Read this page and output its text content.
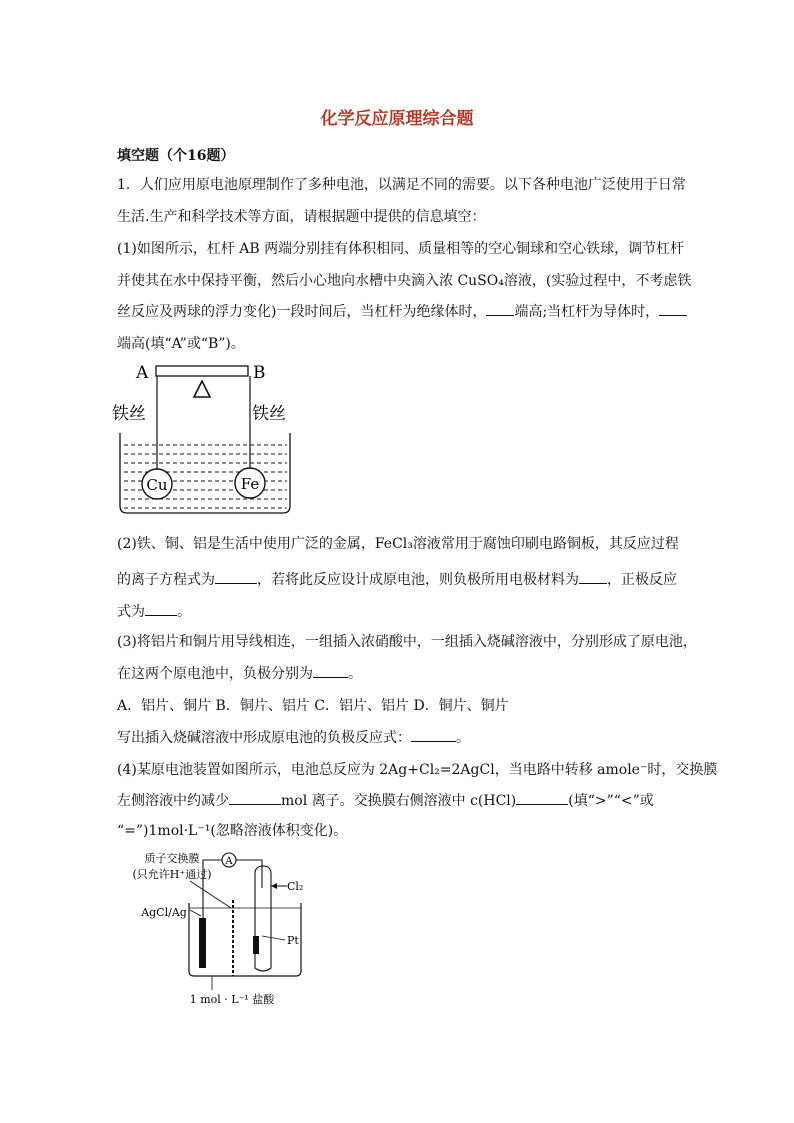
化学反应原理综合题
填空题（个16题）
1．人们应用原电池原理制作了多种电池，以满足不同的需要。以下各种电池广泛使用于日常
生活.生产和科学技术等方面，请根据题中提供的信息填空：
(1)如图所示，杠杆 AB 两端分别挂有体积相同、质量相等的空心铜球和空心铁球，调节杠杆
并使其在水中保持平衡，然后小心地向水槽中央滴入浓 CuSO₄溶液，(实验过程中，不考虑铁
丝反应及两球的浮力变化)一段时间后，当杠杆为绝缘体时， 端高;当杠杆为导体时，
端高(填“A”或“B”)。
A	B
铁丝	铁丝
Cu	Fe
(2)铁、铜、铝是生活中使用广泛的金属，FeCl₃溶液常用于腐蚀印刷电路铜板，其反应过程
的离子方程式为	，若将此反应设计成原电池，则负极所用电极材料为 ，正极反应
式为 。
(3)将铝片和铜片用导线相连，一组插入浓硝酸中，一组插入烧碱溶液中，分别形成了原电池，
在这两个原电池中，负极分别为	。
A．铝片、铜片 B．铜片、铝片 C．铝片、铝片 D．铜片、铜片
写出插入烧碱溶液中形成原电池的负极反应式：	。
(4)某原电池装置如图所示，电池总反应为 2Ag+Cl₂=2AgCl，当电路中转移 amole⁻时，交换膜
左侧溶液中约减少	mol 离子。交换膜右侧溶液中 c(HCl)	(填“>”“<”或
“=”)1mol·L⁻¹(忽略溶液体积变化)。
质子交换膜
(只允许H⁺通过)
AgCl/Ag
A
Cl₂
Pt
1 mol · L⁻¹ 盐酸
